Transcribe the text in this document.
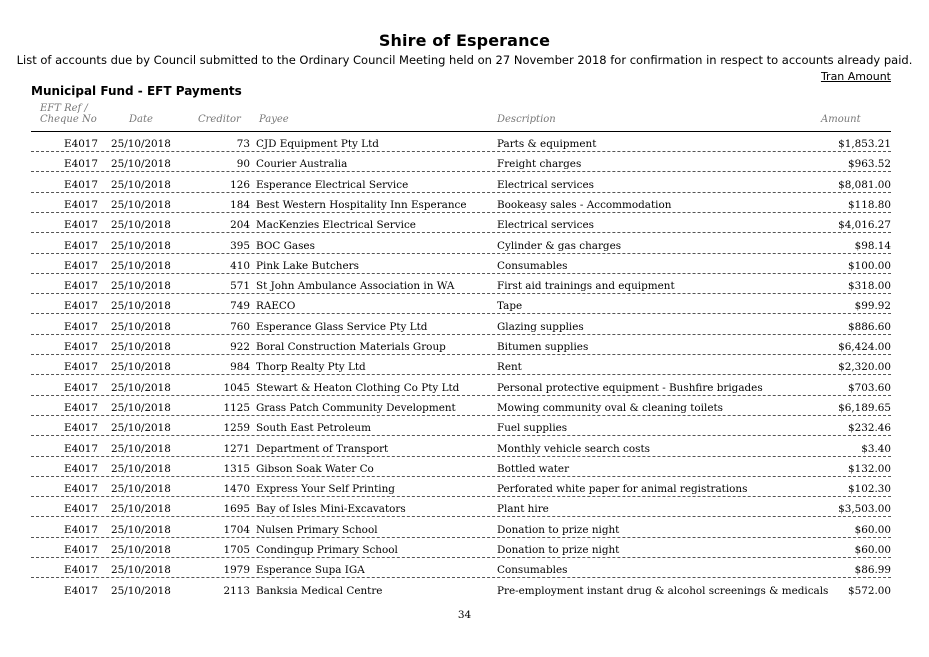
Shire of Esperance
List of accounts due by Council submitted to the Ordinary Council Meeting held on 27 November 2018 for confirmation in respect to accounts already paid.
Tran Amount
Municipal Fund - EFT Payments
EFT Ref /
Cheque No	Date	Creditor Payee	Description	Amount
E4017 25/10/2018	73 CJD Equipment Pty Ltd	Parts & equipment	$1,853.21
E4017 25/10/2018	90 Courier Australia	Freight charges	$963.52
E4017 25/10/2018	126 Esperance Electrical Service	Electrical services	$8,081.00
E4017 25/10/2018	184 Best Western Hospitality Inn Esperance	Bookeasy sales - Accommodation	$118.80
E4017 25/10/2018	204 MacKenzies Electrical Service	Electrical services	$4,016.27
E4017 25/10/2018	395 BOC Gases	Cylinder & gas charges	$98.14
E4017 25/10/2018	410 Pink Lake Butchers	Consumables	$100.00
E4017 25/10/2018	571 St John Ambulance Association in WA	First aid trainings and equipment	$318.00
E4017 25/10/2018	749 RAECO	Tape	$99.92
E4017 25/10/2018	760 Esperance Glass Service Pty Ltd	Glazing supplies	$886.60
E4017 25/10/2018	922 Boral Construction Materials Group	Bitumen supplies	$6,424.00
E4017 25/10/2018	984 Thorp Realty Pty Ltd	Rent	$2,320.00
E4017 25/10/2018	1045 Stewart & Heaton Clothing Co Pty Ltd	Personal protective equipment - Bushfire brigades	$703.60
E4017 25/10/2018	1125 Grass Patch Community Development	Mowing community oval & cleaning toilets	$6,189.65
E4017 25/10/2018	1259 South East Petroleum	Fuel supplies	$232.46
E4017 25/10/2018	1271 Department of Transport	Monthly vehicle search costs	$3.40
E4017 25/10/2018	1315 Gibson Soak Water Co	Bottled water	$132.00
E4017 25/10/2018	1470 Express Your Self Printing	Perforated white paper for animal registrations	$102.30
E4017 25/10/2018	1695 Bay of Isles Mini-Excavators	Plant hire	$3,503.00
E4017 25/10/2018	1704 Nulsen Primary School	Donation to prize night	$60.00
E4017 25/10/2018	1705 Condingup Primary School	Donation to prize night	$60.00
E4017 25/10/2018	1979 Esperance Supa IGA	Consumables	$86.99
E4017 25/10/2018	2113 Banksia Medical Centre	Pre-employment instant drug & alcohol screenings & medicals $572.00
34
